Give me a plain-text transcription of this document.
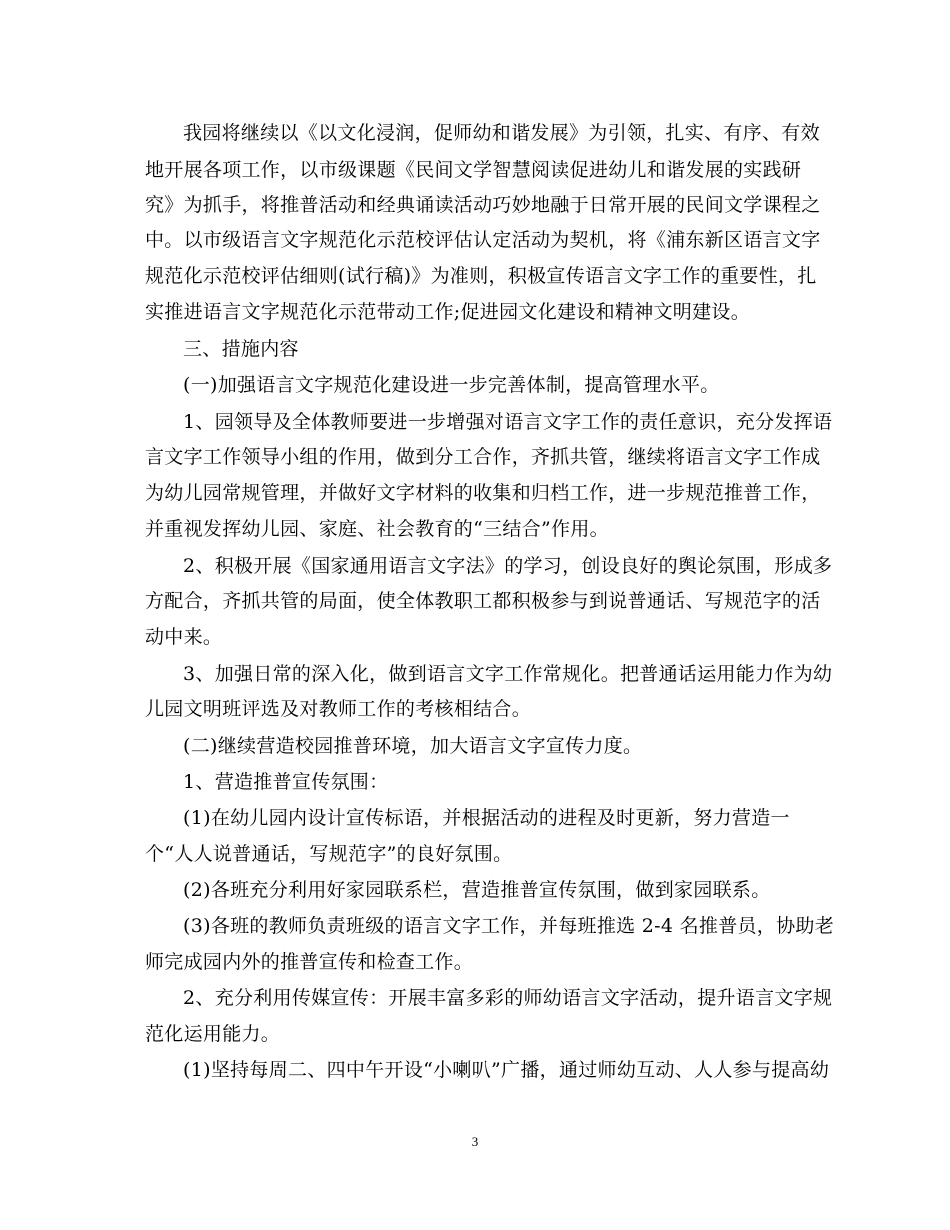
我园将继续以《以文化浸润，促师幼和谐发展》为引领，扎实、有序、有效
地开展各项工作，以市级课题《民间文学智慧阅读促进幼儿和谐发展的实践研
究》为抓手，将推普活动和经典诵读活动巧妙地融于日常开展的民间文学课程之
中。以市级语言文字规范化示范校评估认定活动为契机，将《浦东新区语言文字
规范化示范校评估细则(试行稿)》为准则，积极宣传语言文字工作的重要性，扎
实推进语言文字规范化示范带动工作;促进园文化建设和精神文明建设。
三、措施内容
(一)加强语言文字规范化建设进一步完善体制，提高管理水平。
1、园领导及全体教师要进一步增强对语言文字工作的责任意识，充分发挥语
言文字工作领导小组的作用，做到分工合作，齐抓共管，继续将语言文字工作成
为幼儿园常规管理，并做好文字材料的收集和归档工作，进一步规范推普工作，
并重视发挥幼儿园、家庭、社会教育的“三结合”作用。
2、积极开展《国家通用语言文字法》的学习，创设良好的舆论氛围，形成多
方配合，齐抓共管的局面，使全体教职工都积极参与到说普通话、写规范字的活
动中来。
3、加强日常的深入化，做到语言文字工作常规化。把普通话运用能力作为幼
儿园文明班评选及对教师工作的考核相结合。
(二)继续营造校园推普环境，加大语言文字宣传力度。
1、营造推普宣传氛围：
(1)在幼儿园内设计宣传标语，并根据活动的进程及时更新，努力营造一
个“人人说普通话，写规范字”的良好氛围。
(2)各班充分利用好家园联系栏，营造推普宣传氛围，做到家园联系。
(3)各班的教师负责班级的语言文字工作，并每班推选 2-4 名推普员，协助老
师完成园内外的推普宣传和检查工作。
2、充分利用传媒宣传：开展丰富多彩的师幼语言文字活动，提升语言文字规
范化运用能力。
(1)坚持每周二、四中午开设“小喇叭”广播，通过师幼互动、人人参与提高幼
3
